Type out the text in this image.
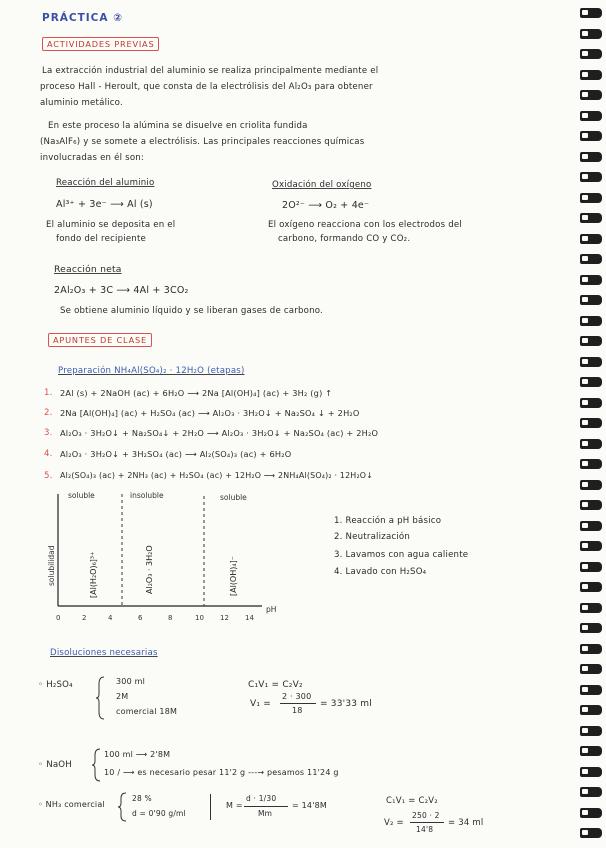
PRÁCTICA ②
ACTIVIDADES PREVIAS
La extracción industrial del aluminio se realiza principalmente mediante el
proceso Hall - Heroult, que consta de la electrólisis del Al₂O₃ para obtener
aluminio metálico.
En este proceso la alúmina se disuelve en criolita fundida
(Na₃AlF₆) y se somete a electrólisis. Las principales reacciones químicas
involucradas en él son:
Reacción del aluminio
Al³⁺ + 3e⁻ ⟶ Al (s)
El aluminio se deposita en el
fondo del recipiente
Oxidación del oxígeno
2O²⁻ ⟶ O₂ + 4e⁻
El oxígeno reacciona con los electrodos del
carbono, formando CO y CO₂.
Reacción neta
2Al₂O₃ + 3C ⟶ 4Al + 3CO₂
Se obtiene aluminio líquido y se liberan gases de carbono.
APUNTES DE CLASE
Preparación NH₄Al(SO₄)₂ · 12H₂O (etapas)
1. 2Al (s) + 2NaOH (ac) + 6H₂O ⟶ 2Na [Al(OH)₄] (ac) + 3H₂ (g) ↑
2. 2Na [Al(OH)₄] (ac) + H₂SO₄ (ac) ⟶ Al₂O₃ · 3H₂O↓ + Na₂SO₄ ↓ + 2H₂O
3. Al₂O₃ · 3H₂O↓ + Na₂SO₄↓ + 2H₂O ⟶ Al₂O₃ · 3H₂O↓ + Na₂SO₄ (ac) + 2H₂O
4. Al₂O₃ · 3H₂O↓ + 3H₂SO₄ (ac) ⟶ Al₂(SO₄)₃ (ac) + 6H₂O
5. Al₂(SO₄)₃ (ac) + 2NH₃ (ac) + H₂SO₄ (ac) + 12H₂O ⟶ 2NH₄Al(SO₄)₂ · 12H₂O↓
soluble	insoluble	soluble
solubilidad	[Al(H₂O)₆]³⁺	Al₂O₃ · 3H₂O	[Al(OH)₄]⁻
pH
0	2	4	6	8	10 12 14
1. Reacción a pH básico
2. Neutralización
3. Lavamos con agua caliente
4. Lavado con H₂SO₄
Disoluciones necesarias
◦ H₂SO₄	300 ml
2M
comercial 18M
C₁V₁ = C₂V₂
V₁ =
2 · 300
18
= 33'33 ml
◦ NaOH
100 ml ⟶ 2'8M
10 / ⟶ es necesario pesar 11'2 g ---→ pesamos 11'24 g
◦ NH₃ comercial
28 %
d = 0'90 g/ml
M =
d · 1/30
Mm
= 14'8M	C₁V₁ = C₂V₂
V₂ =
250 · 2
14'8
= 34 ml
